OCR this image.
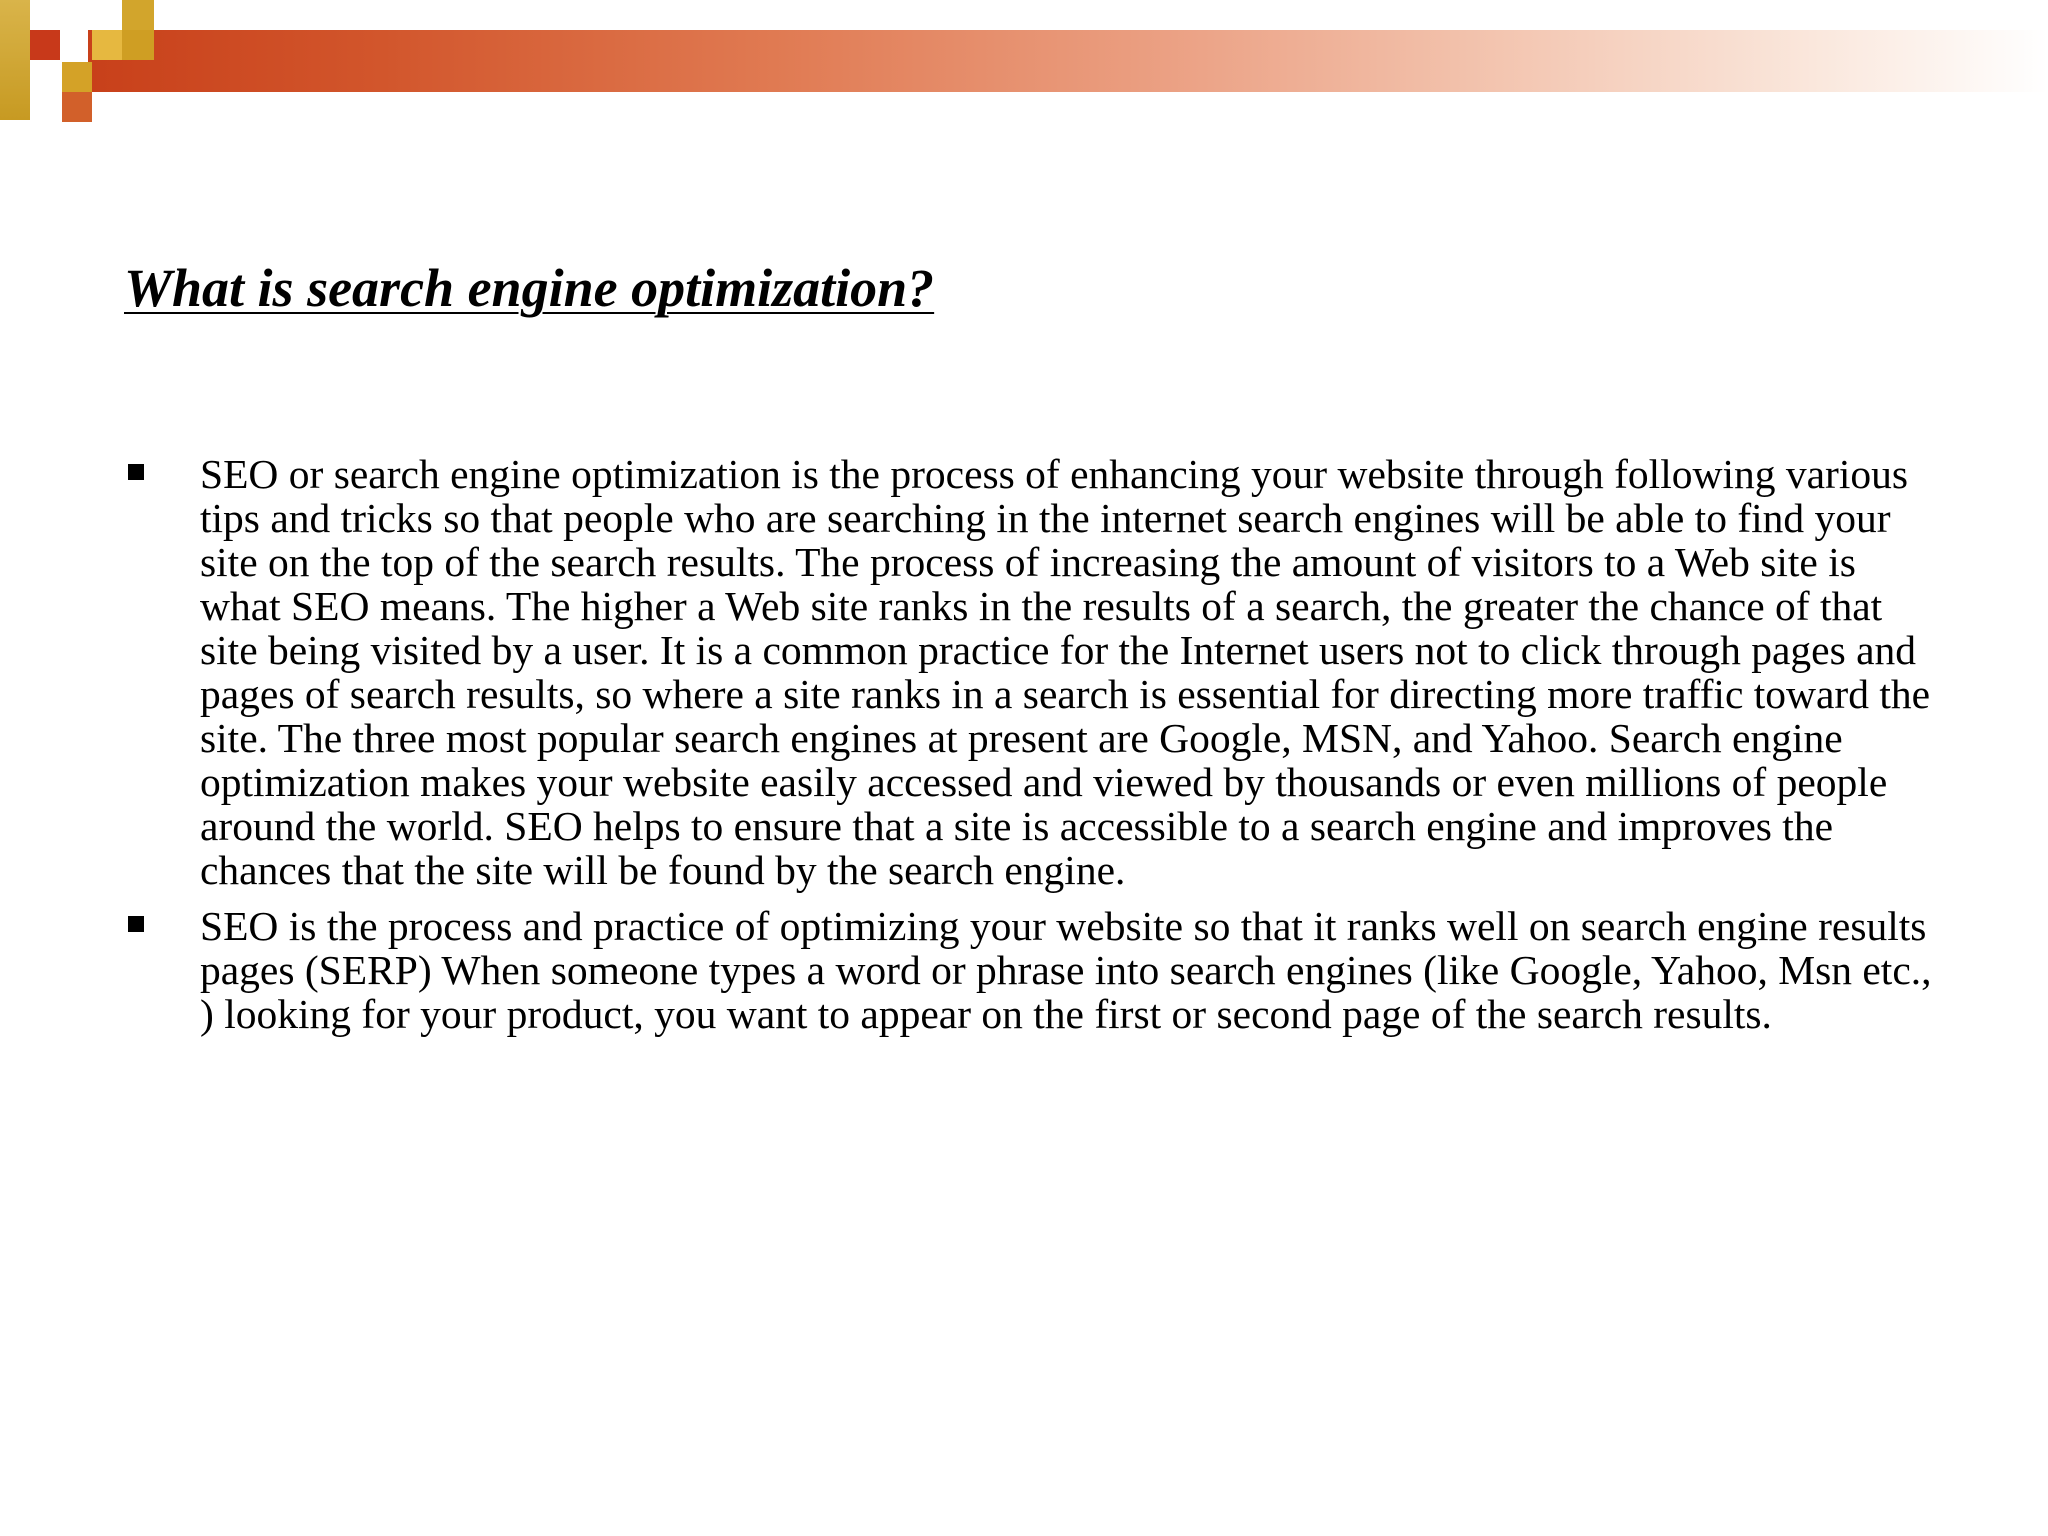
What is search engine optimization?
SEO or search engine optimization is the process of enhancing your website through following various tips and tricks so that people who are searching in the internet search engines will be able to find your site on the top of the search results. The process of increasing the amount of visitors to a Web site is what SEO means. The higher a Web site ranks in the results of a search, the greater the chance of that site being visited by a user. It is a common practice for the Internet users not to click through pages and pages of search results, so where a site ranks in a search is essential for directing more traffic toward the site. The three most popular search engines at present are Google, MSN, and Yahoo. Search engine optimization makes your website easily accessed and viewed by thousands or even millions of people around the world. SEO helps to ensure that a site is accessible to a search engine and improves the chances that the site will be found by the search engine.
SEO is the process and practice of optimizing your website so that it ranks well on search engine results pages (SERP) When someone types a word or phrase into search engines (like Google, Yahoo, Msn etc., ) looking for your product, you want to appear on the first or second page of the search results.
